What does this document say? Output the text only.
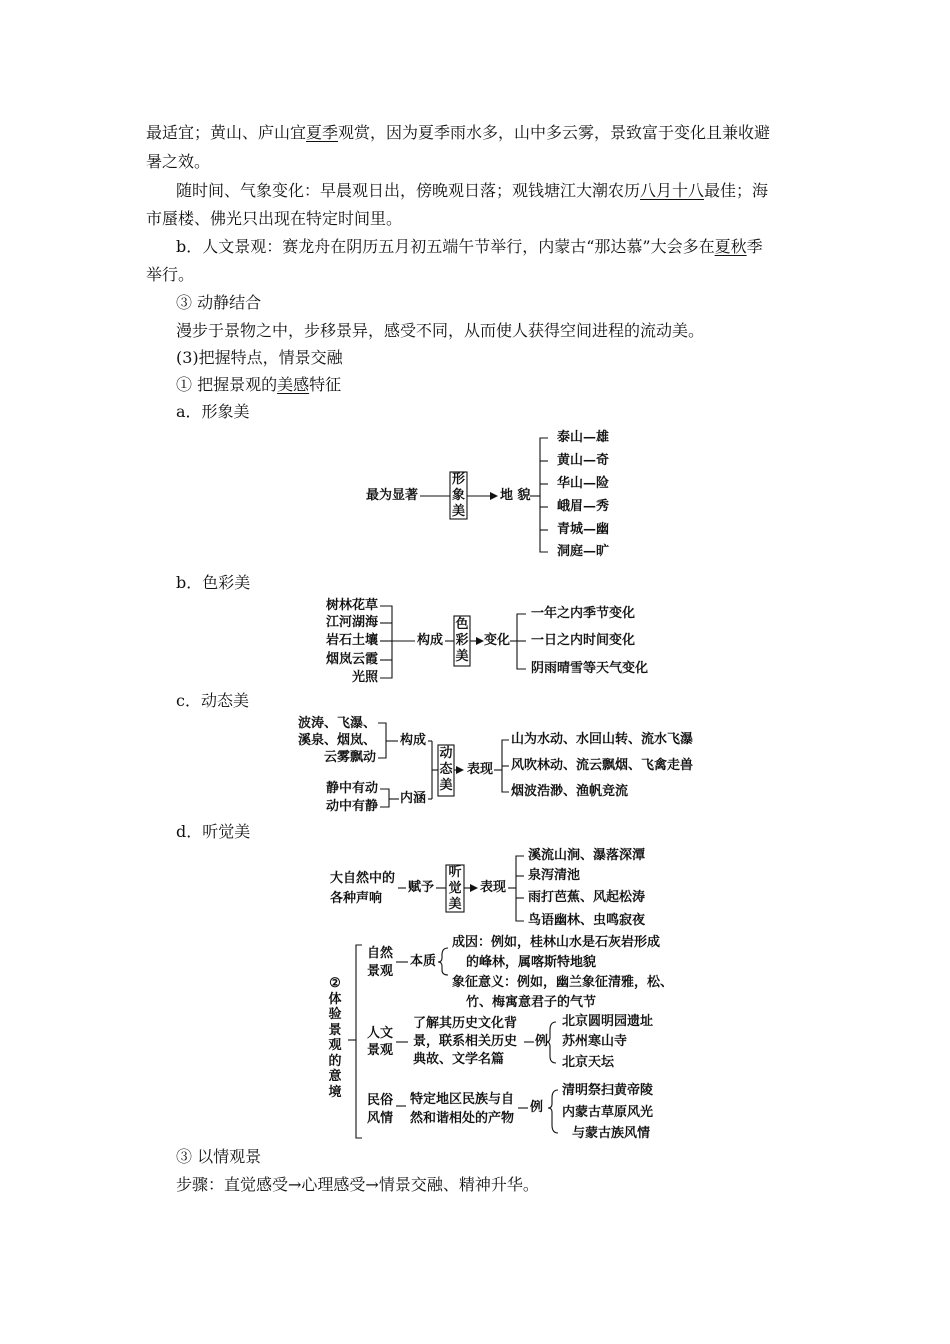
最适宜；黄山、庐山宜夏季观赏，因为夏季雨水多，山中多云雾，景致富于变化且兼收避
暑之效。
随时间、气象变化：早晨观日出，傍晚观日落；观钱塘江大潮农历八月十八最佳；海
市蜃楼、佛光只出现在特定时间里。
b．人文景观：赛龙舟在阴历五月初五端午节举行，内蒙古“那达慕”大会多在夏秋季
举行。
③ 动静结合
漫步于景物之中，步移景异，感受不同，从而使人获得空间进程的流动美。
(3)把握特点，情景交融
① 把握景观的美感特征
a．形象美
b．色彩美
c．动态美
d．听觉美
③ 以情观景
步骤：直觉感受→心理感受→情景交融、精神升华。
最为显著
形
象
美
地 貌
泰山—雄
黄山—奇
华山—险
峨眉—秀
青城—幽
洞庭—旷
树林花草
江河湖海
岩石土壤
烟岚云霞
光照
构成
色
彩
美
变化
一年之内季节变化
一日之内时间变化
阴雨晴雪等天气变化
波涛、飞瀑、
溪泉、烟岚、
云雾飘动
静中有动
动中有静
构成
内涵
动
态
美
表现
山为水动、水回山转、流水飞瀑
风吹林动、流云飘烟、飞禽走兽
烟波浩渺、渔帆竞流
大自然中的
各种声响
赋予
听
觉
美
表现
溪流山涧、瀑落深潭
泉泻清池
雨打芭蕉、风起松涛
鸟语幽林、虫鸣寂夜
②
体
验
景
观
的
意
境
自然
景观
本质
成因：例如，桂林山水是石灰岩形成
的峰林，属喀斯特地貌
象征意义：例如，幽兰象征清雅，松、
竹、梅寓意君子的气节
人文
景观
了解其历史文化背
景，联系相关历史
典故、文学名篇
例
北京圆明园遗址
苏州寒山寺
北京天坛
民俗
风情
特定地区民族与自
然和谐相处的产物
例
清明祭扫黄帝陵
内蒙古草原风光
与蒙古族风情
